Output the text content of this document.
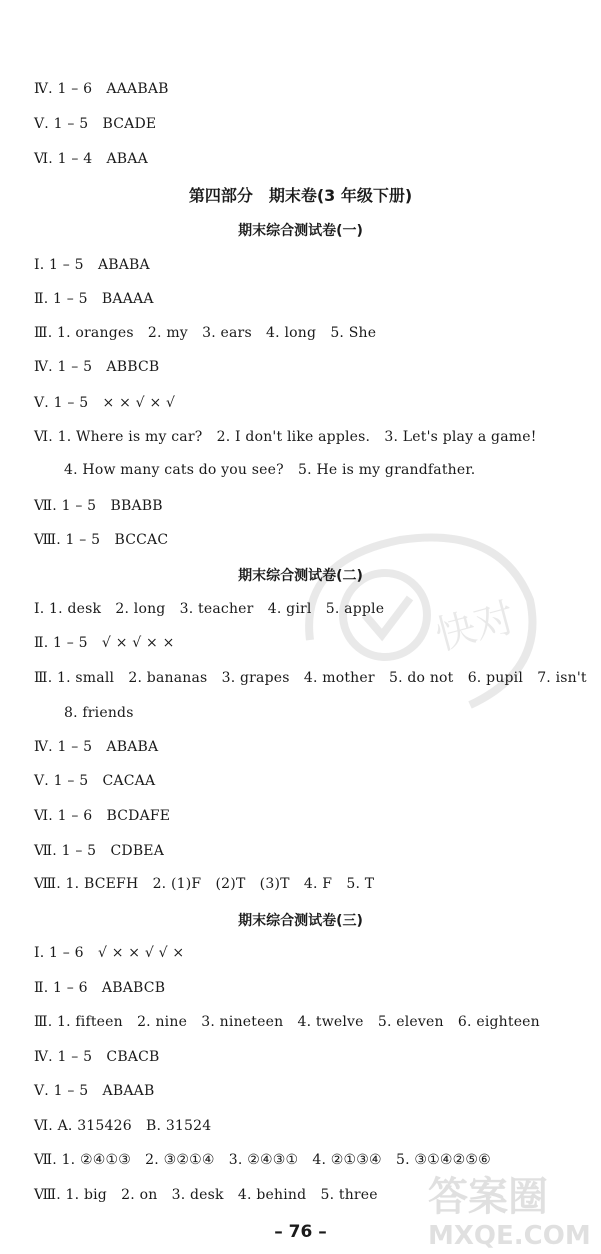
快对
Ⅳ. 1 – 6　AAABAB
Ⅴ. 1 – 5　BCADE
Ⅵ. 1 – 4　ABAA
第四部分　期末卷(3 年级下册)
期末综合测试卷(一)
Ⅰ. 1 – 5　ABABA
Ⅱ. 1 – 5　BAAAA
Ⅲ. 1. oranges　2. my　3. ears　4. long　5. She
Ⅳ. 1 – 5　ABBCB
Ⅴ. 1 – 5　× × √ × √
Ⅵ. 1. Where is my car?　2. I don't like apples.　3. Let's play a game!
4. How many cats do you see?　5. He is my grandfather.
Ⅶ. 1 – 5　BBABB
Ⅷ. 1 – 5　BCCAC
期末综合测试卷(二)
Ⅰ. 1. desk　2. long　3. teacher　4. girl　5. apple
Ⅱ. 1 – 5　√ × √ × ×
Ⅲ. 1. small　2. bananas　3. grapes　4. mother　5. do not　6. pupil　7. isn't
8. friends
Ⅳ. 1 – 5　ABABA
Ⅴ. 1 – 5　CACAA
Ⅵ. 1 – 6　BCDAFE
Ⅶ. 1 – 5　CDBEA
Ⅷ. 1. BCEFH　2. (1)F　(2)T　(3)T　4. F　5. T
期末综合测试卷(三)
Ⅰ. 1 – 6　√ × × √ √ ×
Ⅱ. 1 – 6　ABABCB
Ⅲ. 1. fifteen　2. nine　3. nineteen　4. twelve　5. eleven　6. eighteen
Ⅳ. 1 – 5　CBACB
Ⅴ. 1 – 5　ABAAB
Ⅵ. A. 315426　B. 31524
Ⅶ. 1. ②④①③　2. ③②①④　3. ②④③①　4. ②①③④　5. ③①④②⑤⑥
Ⅷ. 1. big　2. on　3. desk　4. behind　5. three
– 76 –
答案圈
MXQE.COM
